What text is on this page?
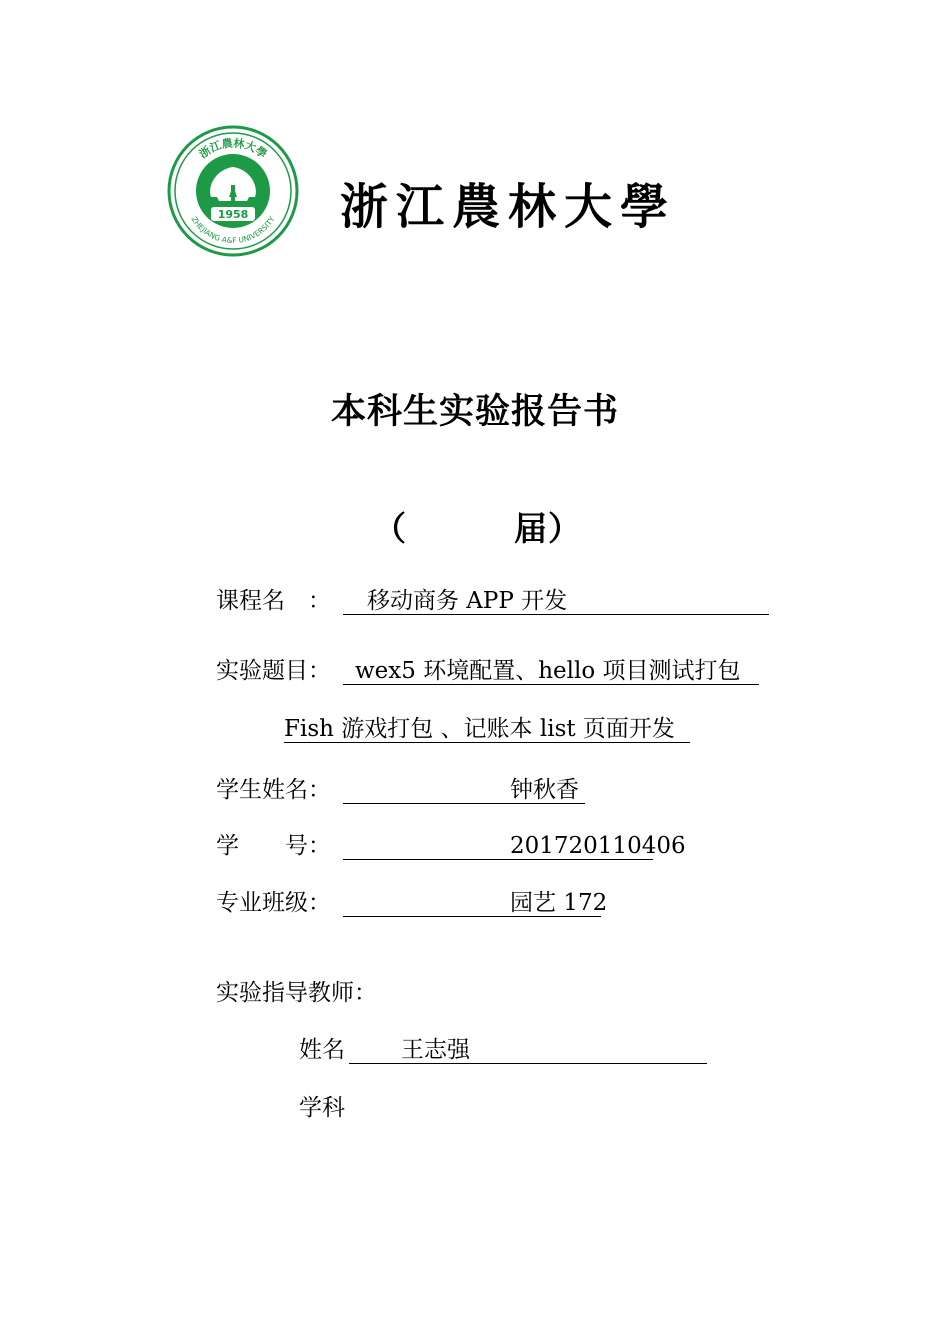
1958
浙江農林大學
ZHEJIANG A&F UNIVERSITY 浙江農林大學
本科生实验报告书
（	届 ）
课程名　： 移动商务 APP 开发
实验题目： wex5 环境配置、hello 项目测试打包
Fish 游戏打包 、记账本 list 页面开发
学生姓名：	钟秋香
学　　号：	201720110406
专业班级：	园艺 172
实验指导教师：
姓名 王志强
学科
